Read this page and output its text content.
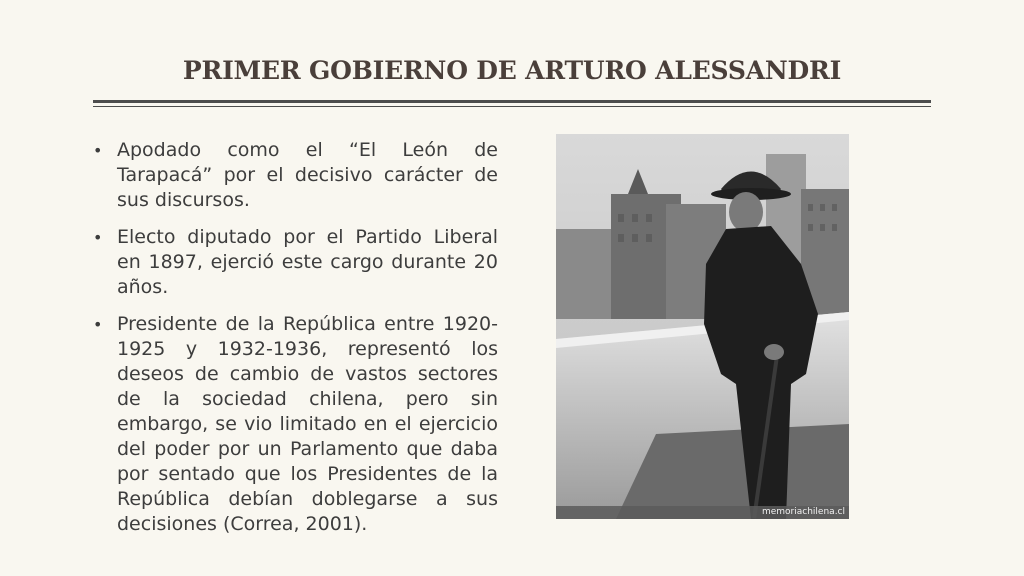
PRIMER GOBIERNO DE ARTURO ALESSANDRI
• Apodado como el “El León de Tarapacá” por el decisivo carácter de sus discursos.
• Electo diputado por el Partido Liberal en 1897, ejerció este cargo durante 20 años.
• Presidente de la República entre 1920-1925 y 1932-1936, representó los deseos de cambio de vastos sectores de la sociedad chilena, pero sin embargo, se vio limitado en el ejercicio del poder por un Parlamento que daba por sentado que los Presidentes de la República debían doblegarse a sus decisiones (Correa, 2001).
memoriachilena.cl
